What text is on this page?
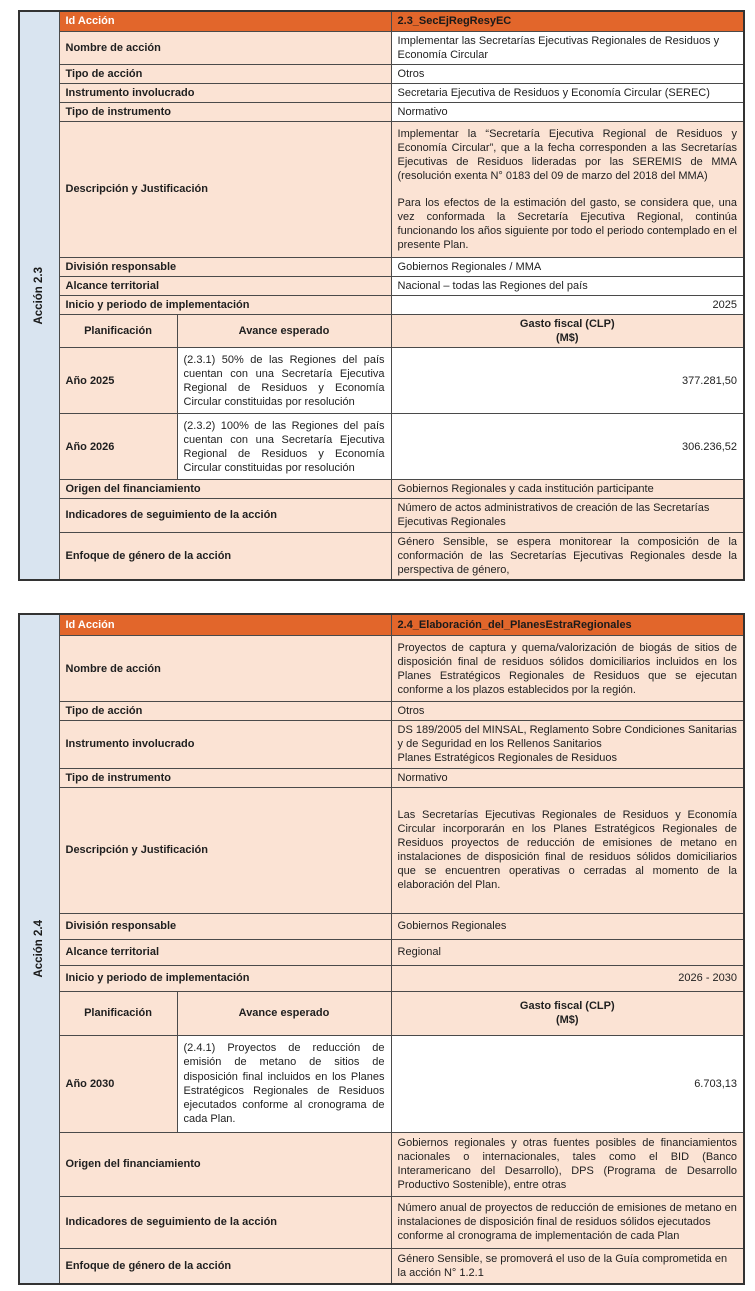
Acción 2.3	Id Acción		2.3_SecEjRegResyEC
	Nombre de acción		Implementar las Secretarías Ejecutivas Regionales de Residuos y Economía Circular
	Tipo de acción		Otros
	Instrumento involucrado		Secretaria Ejecutiva de Residuos y Economía Circular (SEREC)
	Tipo de instrumento		Normativo
	Descripción y Justificación		Implementar la “Secretaría Ejecutiva Regional de Residuos y Economía Circular”, que a la fecha corresponden a las Secretarías Ejecutivas de Residuos lideradas por las SEREMIS de MMA (resolución exenta N° 0183 del 09 de marzo del 2018 del MMA)

Para los efectos de la estimación del gasto, se considera que, una vez conformada la Secretaría Ejecutiva Regional, continúa funcionando los años siguiente por todo el periodo contemplado en el presente Plan.

	División responsable		Gobiernos Regionales / MMA
	Alcance territorial		Nacional – todas las Regiones del país
	Inicio y periodo de implementación		2025
	Planificación	Avance esperado	Gasto fiscal (CLP)
(M$)

	Año 2025	(2.3.1) 50% de las Regiones del país cuentan con una Secretaría Ejecutiva Regional de Residuos y Economía Circular constituidas por resolución	377.281,50
	Año 2026	(2.3.2) 100% de las Regiones del país cuentan con una Secretaría Ejecutiva Regional de Residuos y Economía Circular constituidas por resolución	306.236,52
	Origen del financiamiento		Gobiernos Regionales y cada institución participante
	Indicadores de seguimiento de la acción		Número de actos administrativos de creación de las Secretarías Ejecutivas Regionales
	Enfoque de género de la acción		Género Sensible, se espera monitorear la composición de la conformación de las Secretarías Ejecutivas Regionales desde la perspectiva de género,
Acción 2.4	Id Acción		2.4_Elaboración_del_PlanesEstraRegionales
	Nombre de acción		Proyectos de captura y quema/valorización de biogás de sitios de disposición final de residuos sólidos domiciliarios incluidos en los Planes Estratégicos Regionales de Residuos que se ejecutan conforme a los plazos establecidos por la región.

	Tipo de acción		Otros
	Instrumento involucrado		DS 189/2005 del MINSAL, Reglamento Sobre Condiciones Sanitarias y de Seguridad en los Rellenos Sanitarios
Planes Estratégicos Regionales de Residuos

	Tipo de instrumento		Normativo
	Descripción y Justificación		Las Secretarías Ejecutivas Regionales de Residuos y Economía Circular incorporarán en los Planes Estratégicos Regionales de Residuos proyectos de reducción de emisiones de metano en instalaciones de disposición final de residuos sólidos domiciliarios que se encuentren operativas o cerradas al momento de la elaboración del Plan.

	División responsable		Gobiernos Regionales
	Alcance territorial		Regional
	Inicio y periodo de implementación		2026 - 2030
	Planificación	Avance esperado	Gasto fiscal (CLP)
(M$)

	Año 2030	(2.4.1) Proyectos de reducción de emisión de metano de sitios de disposición final incluidos en los Planes Estratégicos Regionales de Residuos ejecutados conforme al cronograma de cada Plan.	6.703,13
	Origen del financiamiento		Gobiernos regionales y otras fuentes posibles de financiamientos nacionales o internacionales, tales como el BID (Banco Interamericano del Desarrollo), DPS (Programa de Desarrollo Productivo Sostenible), entre otras

	Indicadores de seguimiento de la acción		Número anual de proyectos de reducción de emisiones de metano en instalaciones de disposición final de residuos sólidos ejecutados conforme al cronograma de implementación de cada Plan
	Enfoque de género de la acción		Género Sensible, se promoverá el uso de la Guía comprometida en la acción N° 1.2.1
